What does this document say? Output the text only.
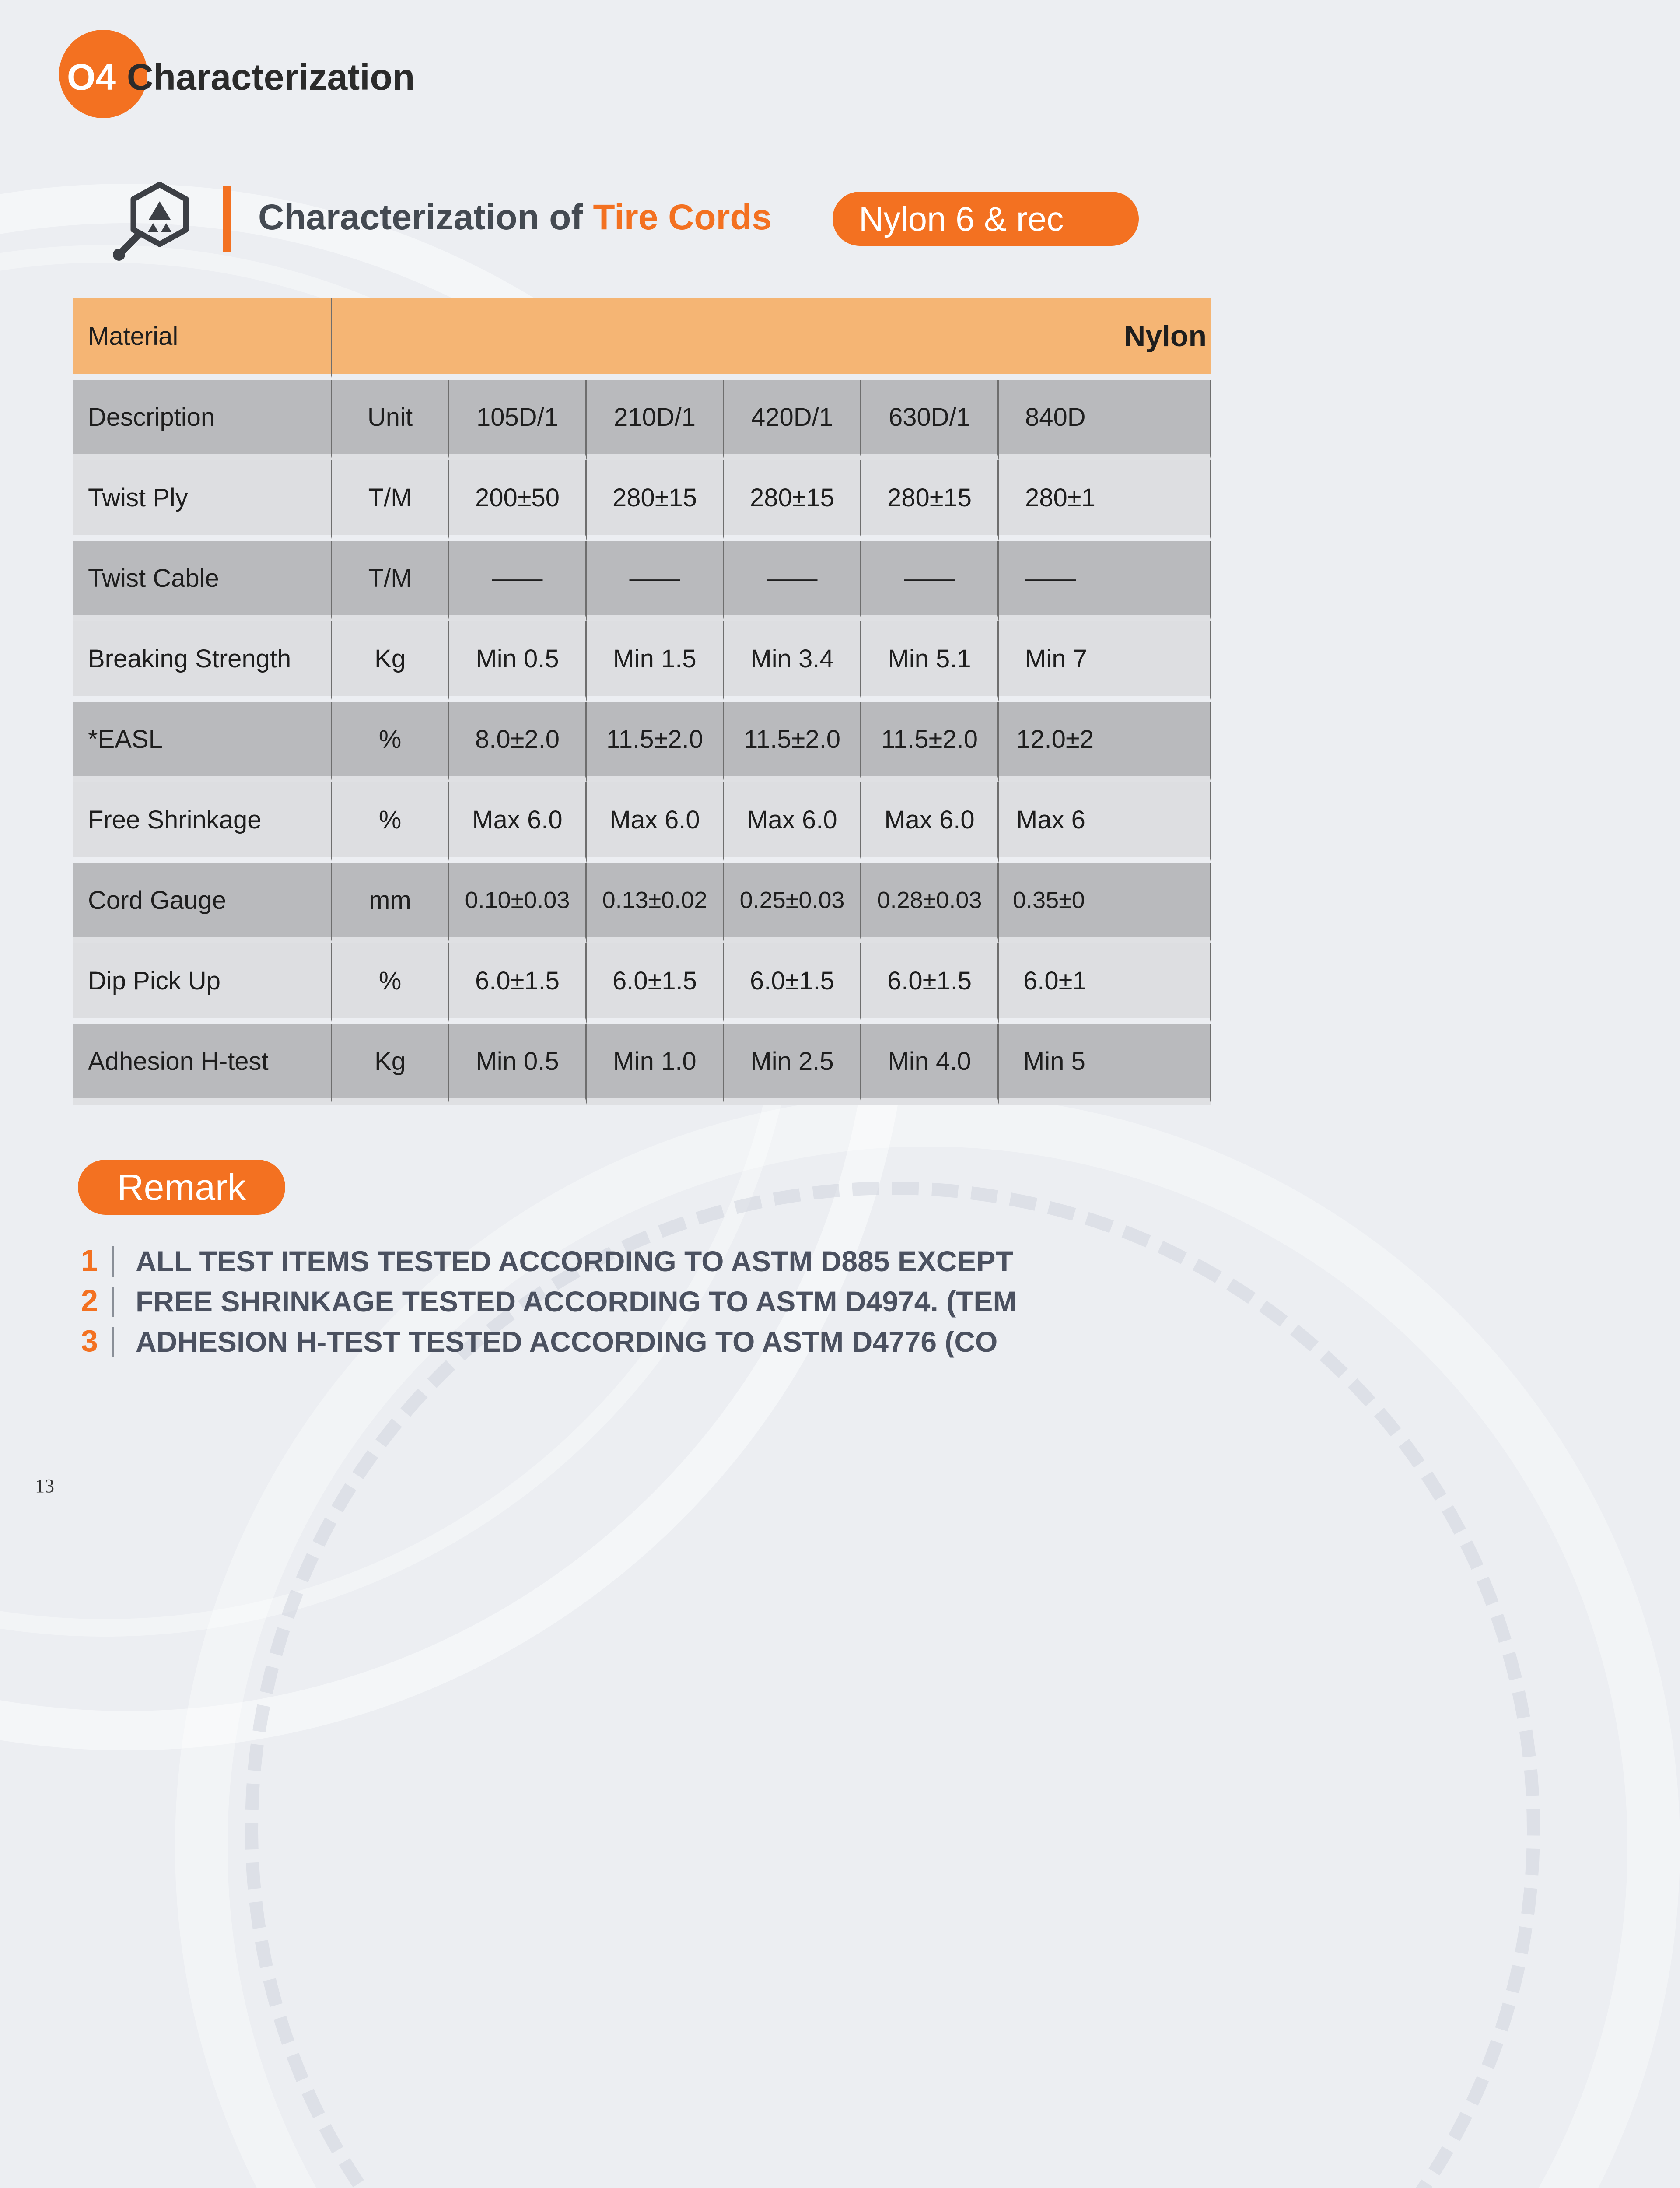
O4 Characterization
Characterization of Tire Cords	Nylon 6 & rec
Material	Nylon					
Description	Unit	105D/1	210D/1	420D/1	630D/1	840D
Twist Ply	T/M	200±50	280±15	280±15	280±15	280±1
Twist Cable	T/M	——	——	——	——	——
Breaking Strength	Kg	Min 0.5	Min 1.5	Min 3.4	Min 5.1	Min 7
*EASL	%	8.0±2.0	11.5±2.0	11.5±2.0	11.5±2.0	12.0±2
Free Shrinkage	%	Max 6.0	Max 6.0	Max 6.0	Max 6.0	Max 6
Cord Gauge	mm	0.10±0.03	0.13±0.02	0.25±0.03	0.28±0.03	0.35±0
Dip Pick Up	%	6.0±1.5	6.0±1.5	6.0±1.5	6.0±1.5	6.0±1
Adhesion H-test	Kg	Min 0.5	Min 1.0	Min 2.5	Min 4.0	Min 5
Remark
1 ALL TEST ITEMS TESTED ACCORDING TO ASTM D885 EXCEPT
2 FREE SHRINKAGE TESTED ACCORDING TO ASTM D4974. (TEM
3 ADHESION H-TEST TESTED ACCORDING TO ASTM D4776 (CO
13
